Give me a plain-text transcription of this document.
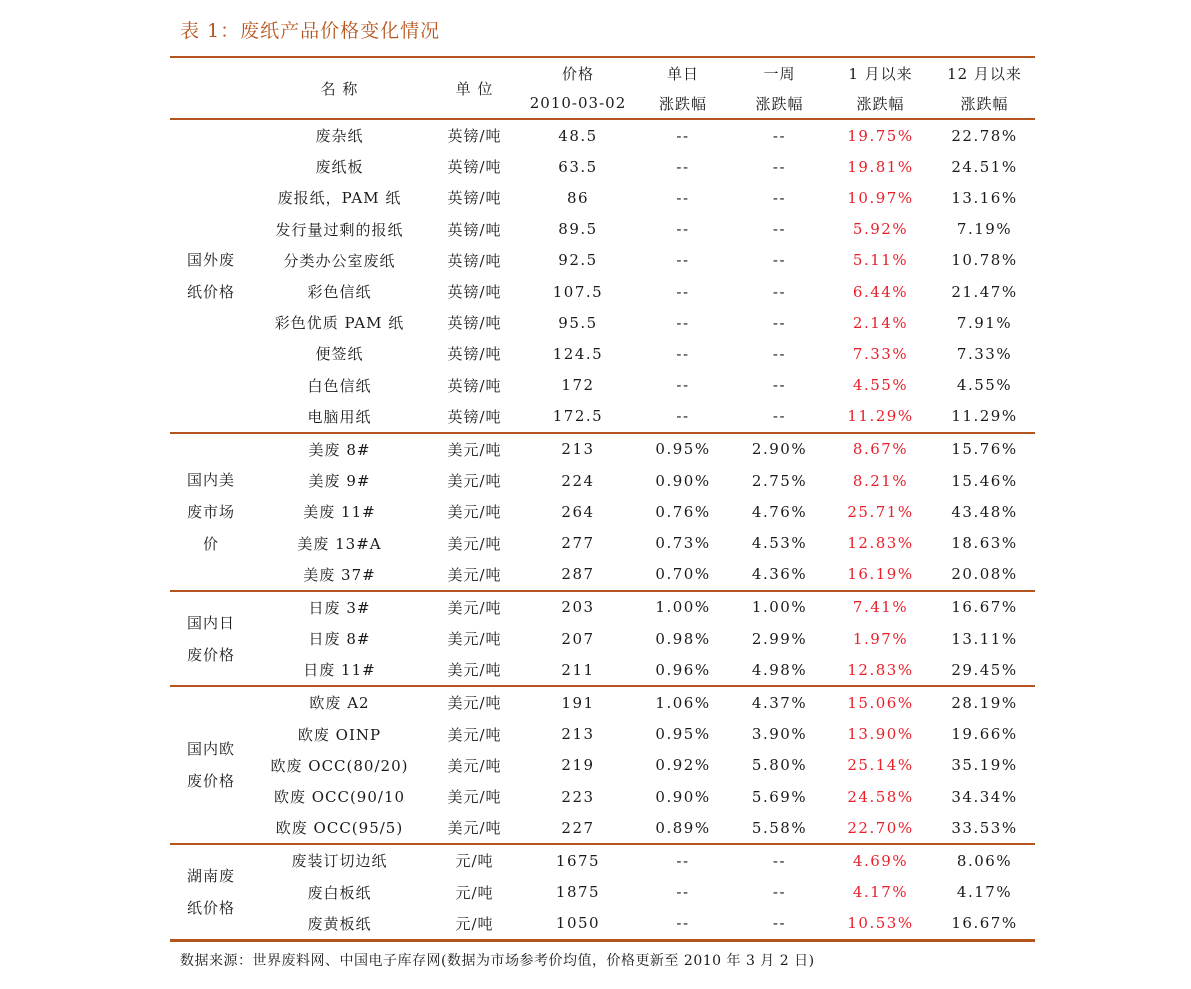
表 1：废纸产品价格变化情况
	名 称	单 位	价格	单日	一周	1 月以来	12 月以来
			2010-03-02	涨跌幅	涨跌幅	涨跌幅	涨跌幅

国外废
纸价格	废杂纸	英镑/吨	48.5	--	--	19.75%	22.78%
	废纸板	英镑/吨	63.5	--	--	19.81%	24.51%
	废报纸，PAM 纸	英镑/吨	86	--	--	10.97%	13.16%
	发行量过剩的报纸	英镑/吨	89.5	--	--	5.92%	7.19%
	分类办公室废纸	英镑/吨	92.5	--	--	5.11%	10.78%
	彩色信纸	英镑/吨	107.5	--	--	6.44%	21.47%
	彩色优质 PAM 纸	英镑/吨	95.5	--	--	2.14%	7.91%
	便签纸	英镑/吨	124.5	--	--	7.33%	7.33%
	白色信纸	英镑/吨	172	--	--	4.55%	4.55%
	电脑用纸	英镑/吨	172.5	--	--	11.29%	11.29%

国内美
废市场
价	美废 8#	美元/吨	213	0.95%	2.90%	8.67%	15.76%
	美废 9#	美元/吨	224	0.90%	2.75%	8.21%	15.46%
	美废 11#	美元/吨	264	0.76%	4.76%	25.71%	43.48%
	美废 13#A	美元/吨	277	0.73%	4.53%	12.83%	18.63%
	美废 37#	美元/吨	287	0.70%	4.36%	16.19%	20.08%

国内日
废价格	日废 3#	美元/吨	203	1.00%	1.00%	7.41%	16.67%
	日废 8#	美元/吨	207	0.98%	2.99%	1.97%	13.11%
	日废 11#	美元/吨	211	0.96%	4.98%	12.83%	29.45%

国内欧
废价格	欧废 A2	美元/吨	191	1.06%	4.37%	15.06%	28.19%
	欧废 OINP	美元/吨	213	0.95%	3.90%	13.90%	19.66%
	欧废 OCC(80/20)	美元/吨	219	0.92%	5.80%	25.14%	35.19%
	欧废 OCC(90/10	美元/吨	223	0.90%	5.69%	24.58%	34.34%
	欧废 OCC(95/5)	美元/吨	227	0.89%	5.58%	22.70%	33.53%

湖南废
纸价格	废装订切边纸	元/吨	1675	--	--	4.69%	8.06%
	废白板纸	元/吨	1875	--	--	4.17%	4.17%
	废黄板纸	元/吨	1050	--	--	10.53%	16.67%
数据来源：世界废料网、中国电子库存网(数据为市场参考价均值，价格更新至 2010 年 3 月 2 日)
